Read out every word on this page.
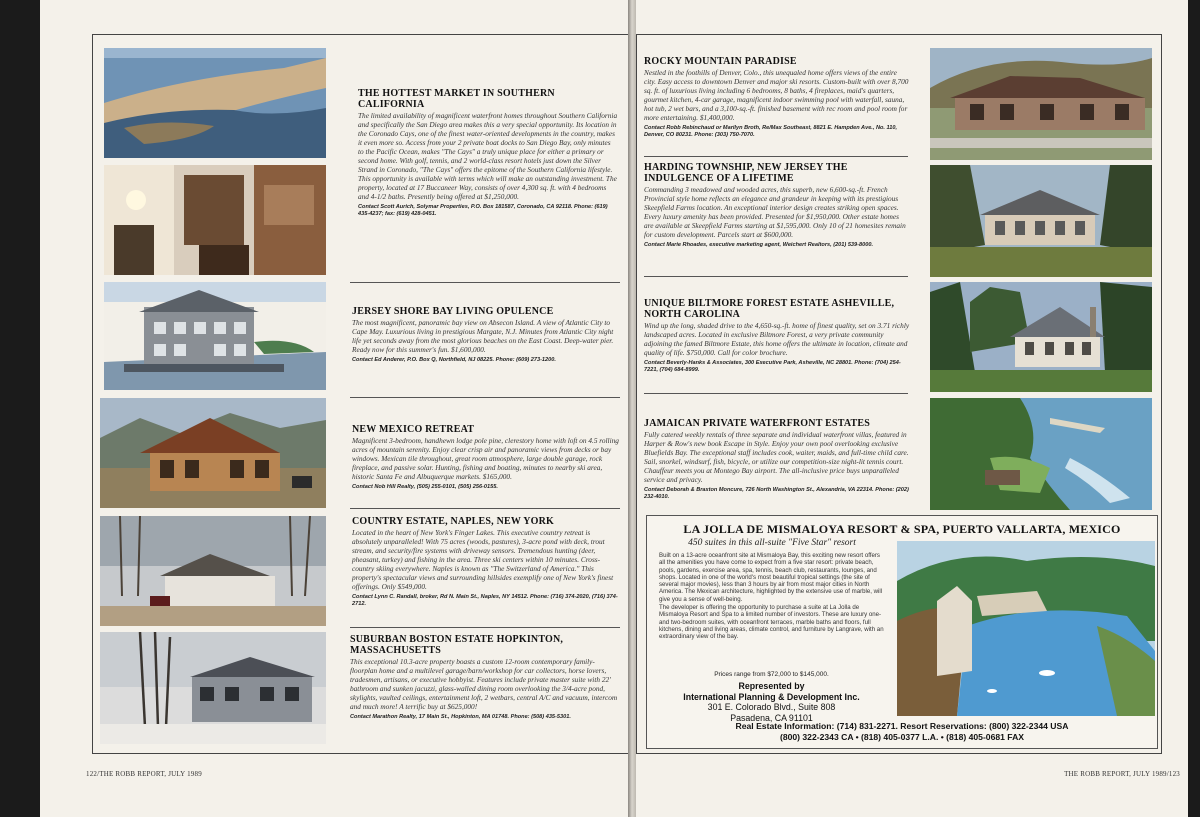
THE HOTTEST MARKET IN SOUTHERN CALIFORNIA
The limited availability of magnificent waterfront homes throughout Southern California and specifically the San Diego area makes this a very special opportunity. Its location in the Coronado Cays, one of the finest water-oriented developments in the country, makes it even more so. Access from your 2 private boat docks to San Diego Bay, only minutes to the Pacific Ocean, makes "The Cays" a truly unique place for either a primary or second home. With golf, tennis, and 2 world-class resort hotels just down the Silver Strand in Coronado, "The Cays" offers the epitome of the Southern California lifestyle. This opportunity is available with terms which will make an outstanding investment. The property, located at 17 Buccaneer Way, consists of over 4,300 sq. ft. with 4 bedrooms and 4-1/2 baths. Presently being offered at $1,250,000.
Contact Scott Aurich, Solymar Properties, P.O. Box 181587, Coronado, CA 92118. Phone: (619) 435-4237; fax: (619) 428-0451.
JERSEY SHORE BAY LIVING OPULENCE
The most magnificent, panoramic bay view on Absecon Island. A view of Atlantic City to Cape May. Luxurious living in prestigious Margate, N.J. Minutes from Atlantic City night life yet seconds away from the most glorious beaches on the East Coast. Deep-water pier. Ready now for this summer's fun. $1,600,000.
Contact Ed Anderer, P.O. Box Q, Northfield, NJ 08225. Phone: (609) 273-1200.
NEW MEXICO RETREAT
Magnificent 3-bedroom, handhewn lodge pole pine, clerestory home with loft on 4.5 rolling acres of mountain serenity. Enjoy clear crisp air and panoramic views from decks or bay windows. Mexican tile throughout, great room atmosphere, large double garage, rock fireplace, and passive solar. Hunting, fishing and boating, minutes to nearby ski area, historic Santa Fe and Albuquerque markets. $165,000.
Contact Nob Hill Realty, (505) 255-0101, (505) 256-0155.
COUNTRY ESTATE, NAPLES, NEW YORK
Located in the heart of New York's Finger Lakes. This executive country retreat is absolutely unparalleled! With 75 acres (woods, pastures), 3-acre pond with deck, trout stream, and security/fire systems with driveway sensors. Tremendous hunting (deer, pheasant, turkey) and fishing in the area. Three ski centers within 10 minutes. Cross-country skiing everywhere. Naples is known as "The Switzerland of America." This property's spectacular views and surrounding hillsides exemplify one of New York's finest offerings. Only $549,000.
Contact Lynn C. Randall, broker, Rd N. Main St., Naples, NY 14512. Phone: (716) 374-2020, (716) 374-2712.
SUBURBAN BOSTON ESTATE HOPKINTON, MASSACHUSETTS
This exceptional 10.3-acre property boasts a custom 12-room contemporary family-floorplan home and a multilevel garage/barn/workshop for car collectors, horse lovers, tradesmen, artisans, or executive hobbyist. Features include private master suite with 22' bathroom and sunken jacuzzi, glass-walled dining room overlooking the 3/4-acre pond, skylights, vaulted ceilings, entertainment loft, 2 wetbars, central A/C and vacuum, intercom and much more! A terrific buy at $625,000!
Contact Marathon Realty, 17 Main St., Hopkinton, MA 01748. Phone: (508) 435-5301.
122/THE ROBB REPORT, JULY 1989
ROCKY MOUNTAIN PARADISE
Nestled in the foothills of Denver, Colo., this unequaled home offers views of the entire city. Easy access to downtown Denver and major ski resorts. Custom-built with over 8,700 sq. ft. of luxurious living including 6 bedrooms, 8 baths, 4 fireplaces, maid's quarters, gourmet kitchen, 4-car garage, magnificent indoor swimming pool with waterfall, sauna, hot tub, 2 wet bars, and a 3,100-sq.-ft. finished basement with rec room and pool room for more entertaining. $1,400,000.
Contact Robb Rebinchaud or Marilyn Broth, Re/Max Southeast, 8821 E. Hampden Ave., No. 110, Denver, CO 80231. Phone: (303) 750-7070.
HARDING TOWNSHIP, NEW JERSEY THE INDULGENCE OF A LIFETIME
Commanding 3 meadowed and wooded acres, this superb, new 6,600-sq.-ft. French Provincial style home reflects an elegance and grandeur in keeping with its prestigious Skeepfield Farms location. An exceptional interior design creates striking open spaces. Every luxury amenity has been provided. Presented for $1,950,000. Other estate homes are available at Skeepfield Farms starting at $1,595,000. Only 10 of 21 homesites remain for custom development. Parcels start at $600,000.
Contact Marie Rhoades, executive marketing agent, Weichert Realtors, (201) 539-8000.
UNIQUE BILTMORE FOREST ESTATE ASHEVILLE, NORTH CAROLINA
Wind up the long, shaded drive to the 4,650-sq.-ft. home of finest quality, set on 3.71 richly landscaped acres. Located in exclusive Biltmore Forest, a very private community adjoining the famed Biltmore Estate, this home offers the ultimate in location, climate and quality of life. $750,000. Call for color brochure.
Contact Beverly-Hanks & Associates, 300 Executive Park, Asheville, NC 28801. Phone: (704) 254-7221, (704) 684-8999.
JAMAICAN PRIVATE WATERFRONT ESTATES
Fully catered weekly rentals of three separate and individual waterfront villas, featured in Harper & Row's new book Escape in Style. Enjoy your own pool overlooking exclusive Bluefields Bay. The exceptional staff includes cook, waiter, maids, and full-time child care. Sail, snorkel, windsurf, fish, bicycle, or utilize our competition-size night-lit tennis court. Chauffeur meets you at Montego Bay airport. The all-inclusive price buys unparalleled service and privacy.
Contact Deborah & Braxton Moncure, 726 North Washington St., Alexandria, VA 22314. Phone: (202) 232-4010.
LA JOLLA DE MISMALOYA RESORT & SPA, PUERTO VALLARTA, MEXICO
450 suites in this all-suite "Five Star" resort

Built on a 13-acre oceanfront site at Mismaloya Bay, this exciting new resort offers all the amenities you have come to expect from a five star resort: private beach, pools, gardens, exercise area, spa, tennis, beach club, restaurants, lounges, and shops. Located in one of the world's most beautiful tropical settings (the site of several major movies), less than 3 hours by air from most major cities in North America. The Mexican architecture, highlighted by the extensive use of marble, will give you a sense of well-being.

The developer is offering the opportunity to purchase a suite at La Jolla de Mismaloya Resort and Spa to a limited number of investors. These are luxury one- and two-bedroom suites, with oceanfront terraces, marble baths and floors, full kitchens, dining and living areas, climate control, and furniture by Langrave, with an extraordinary view of the bay.

Prices range from $72,000 to $145,000.
Represented by
International Planning & Development Inc.
301 E. Colorado Blvd., Suite 808
Pasadena, CA 91101
Real Estate Information: (714) 831-2271. Resort Reservations: (800) 322-2344 USA
(800) 322-2343 CA • (818) 405-0377 L.A. • (818) 405-0681 FAX
THE ROBB REPORT, JULY 1989/123
